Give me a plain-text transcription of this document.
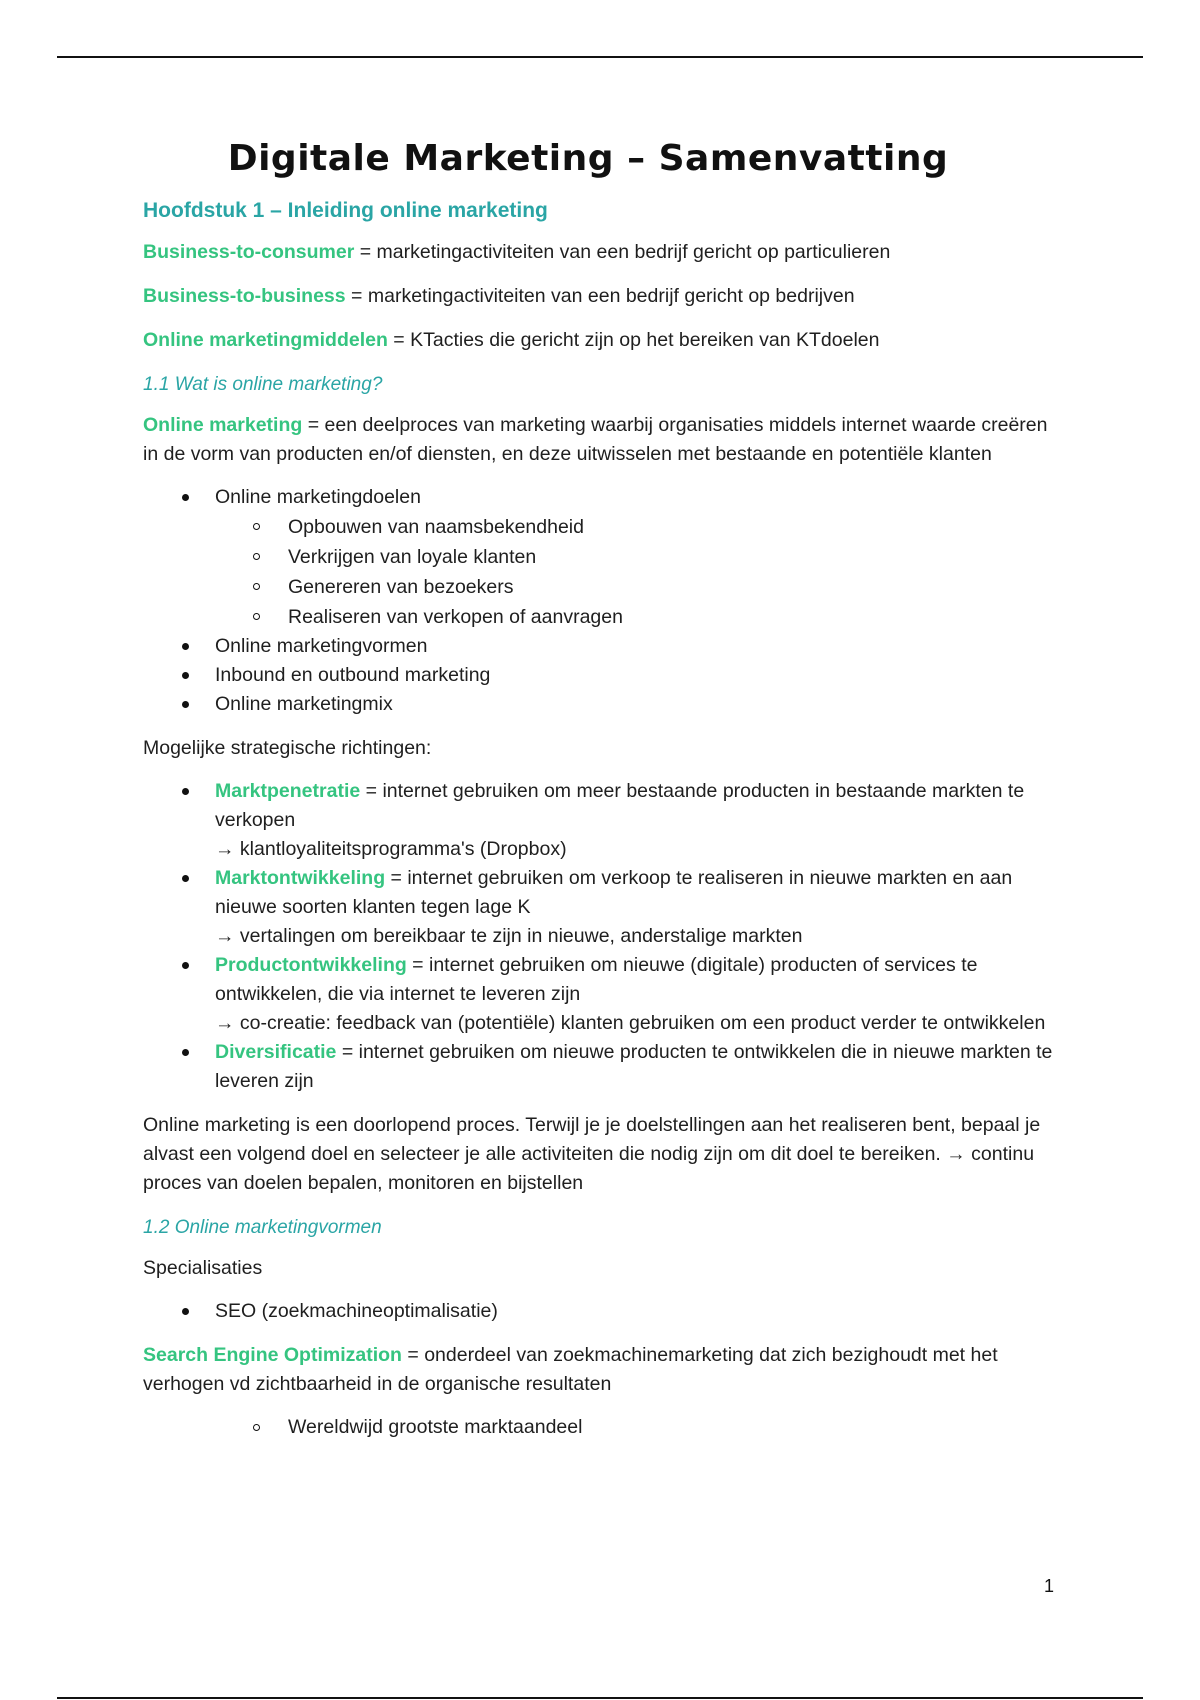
Digitale Marketing – Samenvatting
Hoofdstuk 1 – Inleiding online marketing
Business-to-consumer = marketingactiviteiten van een bedrijf gericht op particulieren
Business-to-business = marketingactiviteiten van een bedrijf gericht op bedrijven
Online marketingmiddelen = KTacties die gericht zijn op het bereiken van KTdoelen
1.1 Wat is online marketing?
Online marketing = een deelproces van marketing waarbij organisaties middels internet waarde creëren in de vorm van producten en/of diensten, en deze uitwisselen met bestaande en potentiële klanten
Online marketingdoelen
Opbouwen van naamsbekendheid
Verkrijgen van loyale klanten
Genereren van bezoekers
Realiseren van verkopen of aanvragen
Online marketingvormen
Inbound en outbound marketing
Online marketingmix
Mogelijke strategische richtingen:
Marktpenetratie = internet gebruiken om meer bestaande producten in bestaande markten te verkopen
→ klantloyaliteitsprogramma's (Dropbox)
Marktontwikkeling = internet gebruiken om verkoop te realiseren in nieuwe markten en aan nieuwe soorten klanten tegen lage K
→ vertalingen om bereikbaar te zijn in nieuwe, anderstalige markten
Productontwikkeling = internet gebruiken om nieuwe (digitale) producten of services te ontwikkelen, die via internet te leveren zijn
→ co-creatie: feedback van (potentiële) klanten gebruiken om een product verder te ontwikkelen
Diversificatie = internet gebruiken om nieuwe producten te ontwikkelen die in nieuwe markten te leveren zijn
Online marketing is een doorlopend proces. Terwijl je je doelstellingen aan het realiseren bent, bepaal je alvast een volgend doel en selecteer je alle activiteiten die nodig zijn om dit doel te bereiken. → continu proces van doelen bepalen, monitoren en bijstellen
1.2 Online marketingvormen
Specialisaties
SEO (zoekmachineoptimalisatie)
Search Engine Optimization = onderdeel van zoekmachinemarketing dat zich bezighoudt met het verhogen vd zichtbaarheid in de organische resultaten
Wereldwijd grootste marktaandeel
1
